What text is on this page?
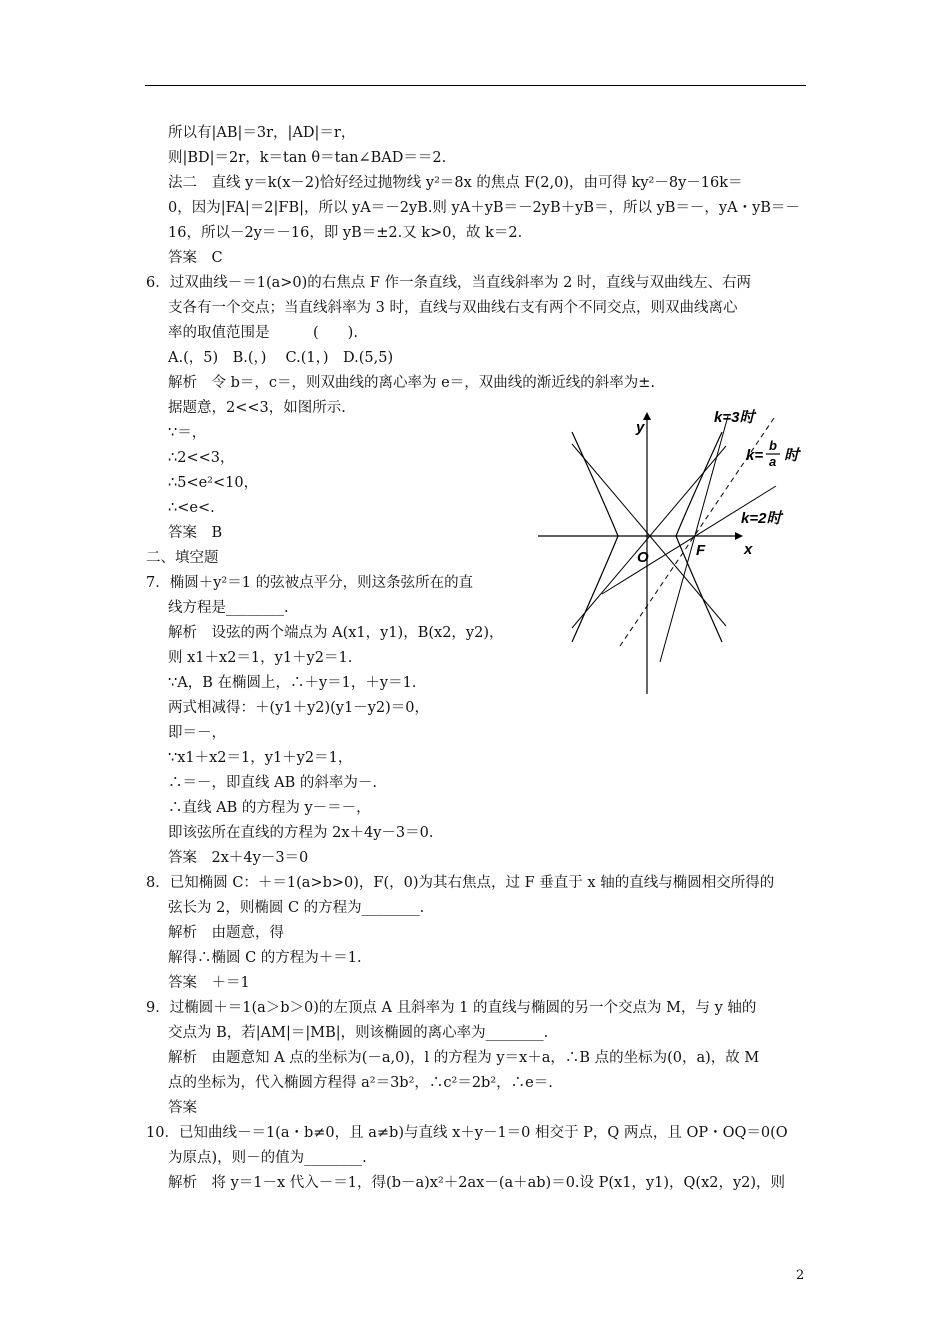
所以有|AB|＝3r，|AD|＝r，
则|BD|＝2r，k＝tan θ＝tan∠BAD＝＝2.
法二　直线 y＝k(x－2)恰好经过抛物线 y²＝8x 的焦点 F(2,0)，由可得 ky²－8y－16k＝
0，因为|FA|＝2|FB|，所以 yA＝－2yB.则 yA＋yB＝－2yB＋yB＝，所以 yB＝－，yA・yB＝－
16，所以－2y＝－16，即 yB＝±2.又 k>0，故 k＝2.
答案　C
6．过双曲线－＝1(a>0)的右焦点 F 作一条直线，当直线斜率为 2 时，直线与双曲线左、右两
支各有一个交点；当直线斜率为 3 时，直线与双曲线右支有两个不同交点，则双曲线离心
率的取值范围是　　　(　　).
A.(，5)　B.(，)　 C.(1，)　D.(5,5)
解析　令 b＝，c＝，则双曲线的离心率为 e＝，双曲线的渐近线的斜率为±.
据题意，2<<3，如图所示.
∵＝，
∴2<<3，
∴5<e²<10，
∴<e<.
答案　B
二、填空题
7．椭圆＋y²＝1 的弦被点平分，则这条弦所在的直
线方程是________.
解析　设弦的两个端点为 A(x1，y1)，B(x2，y2)，
则 x1＋x2＝1，y1＋y2＝1.
∵A，B 在椭圆上，∴＋y＝1，＋y＝1.
两式相减得：＋(y1＋y2)(y1－y2)＝0，
即＝－，
∵x1＋x2＝1，y1＋y2＝1，
∴＝－，即直线 AB 的斜率为－.
∴直线 AB 的方程为 y－＝－，
即该弦所在直线的方程为 2x＋4y－3＝0.
答案　2x＋4y－3＝0
8．已知椭圆 C：＋＝1(a>b>0)，F(，0)为其右焦点，过 F 垂直于 x 轴的直线与椭圆相交所得的
弦长为 2，则椭圆 C 的方程为________.
解析　由题意，得
解得∴椭圆 C 的方程为＋＝1.
答案　＋＝1
9．过椭圆＋＝1(a＞b＞0)的左顶点 A 且斜率为 1 的直线与椭圆的另一个交点为 M，与 y 轴的
交点为 B，若|AM|＝|MB|，则该椭圆的离心率为________.
解析　由题意知 A 点的坐标为(－a,0)，l 的方程为 y＝x＋a，∴B 点的坐标为(0，a)，故 M
点的坐标为，代入椭圆方程得 a²＝3b²，∴c²＝2b²，∴e＝.
答案
10．已知曲线－＝1(a・b≠0，且 a≠b)与直线 x＋y－1＝0 相交于 P，Q 两点，且 OP・OQ＝0(O
为原点)，则－的值为________.
解析　将 y＝1－x 代入－＝1，得(b－a)x²＋2ax－(a＋ab)＝0.设 P(x1，y1)，Q(x2，y2)，则
k=3时
k=
b
a 时
k=2时
y
x
O	F
2
